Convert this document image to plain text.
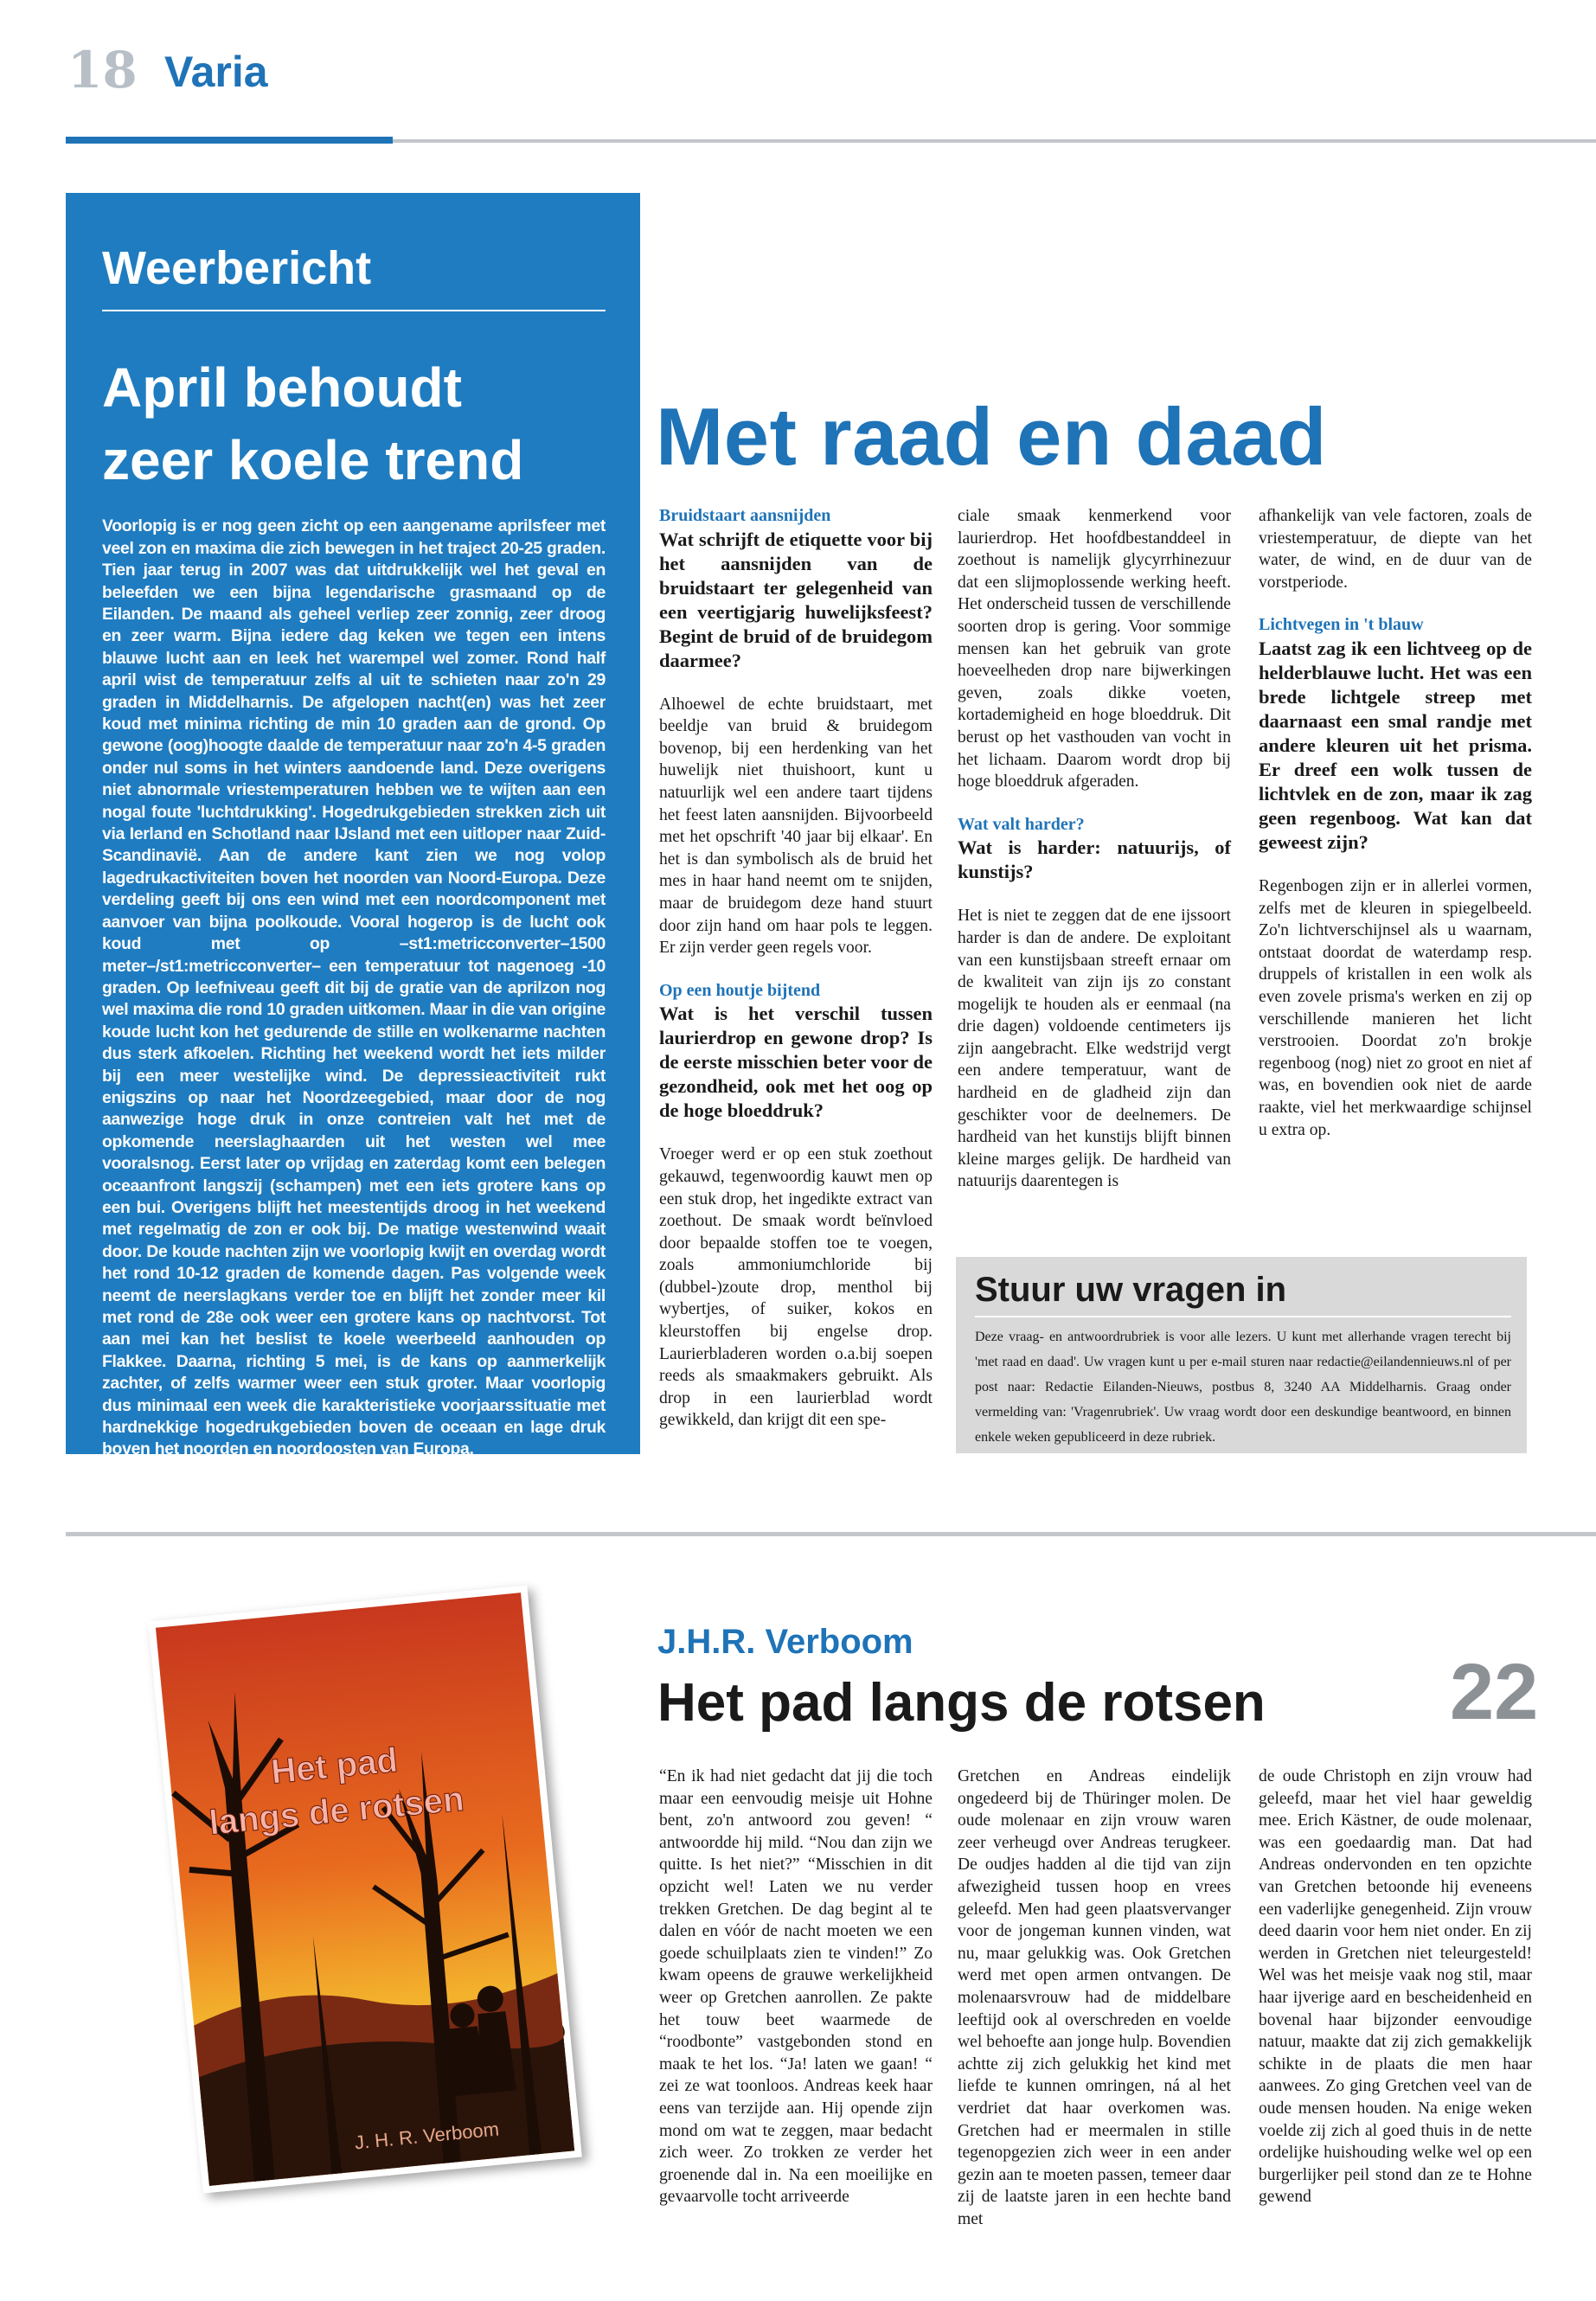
18 Varia
Weerbericht
April behoudt
zeer koele trend
Voorlopig is er nog geen zicht op een aangename aprilsfeer met veel zon en maxima die zich bewegen in het traject 20-25 graden. Tien jaar terug in 2007 was dat uitdrukkelijk wel het geval en beleefden we een bijna legendarische grasmaand op de Eilanden. De maand als geheel verliep zeer zonnig, zeer droog en zeer warm. Bijna iedere dag keken we tegen een intens blauwe lucht aan en leek het warempel wel zomer. Rond half april wist de temperatuur zelfs al uit te schieten naar zo'n 29 graden in Middelharnis. De afgelopen nacht(en) was het zeer koud met minima richting de min 10 graden aan de grond. Op gewone (oog)hoogte daalde de temperatuur naar zo'n 4-5 graden onder nul soms in het winters aandoende land. Deze overigens niet abnormale vriestemperaturen hebben we te wijten aan een nogal foute 'luchtdrukking'. Hogedrukgebieden strekken zich uit via Ierland en Schotland naar IJsland met een uitloper naar Zuid-Scandinavië. Aan de andere kant zien we nog volop lagedrukactiviteiten boven het noorden van Noord-Europa. Deze verdeling geeft bij ons een wind met een noordcomponent met aanvoer van bijna poolkoude. Vooral hogerop is de lucht ook koud met op –st1:metricconverter–1500 meter–/st1:metricconverter– een temperatuur tot nagenoeg -10 graden. Op leefniveau geeft dit bij de gratie van de aprilzon nog wel maxima die rond 10 graden uitkomen. Maar in die van origine koude lucht kon het gedurende de stille en wolkenarme nachten dus sterk afkoelen. Richting het weekend wordt het iets milder bij een meer westelijke wind. De depressieactiviteit rukt enigszins op naar het Noordzeegebied, maar door de nog aanwezige hoge druk in onze contreien valt het met de opkomende neerslaghaarden uit het westen wel mee vooralsnog. Eerst later op vrijdag en zaterdag komt een belegen oceaanfront langszij (schampen) met een iets grotere kans op een bui. Overigens blijft het meestentijds droog in het weekend met regelmatig de zon er ook bij. De matige westenwind waait door. De koude nachten zijn we voorlopig kwijt en overdag wordt het rond 10-12 graden de komende dagen. Pas volgende week neemt de neerslagkans verder toe en blijft het zonder meer kil met rond de 28e ook weer een grotere kans op nachtvorst. Tot aan mei kan het beslist te koele weerbeeld aanhouden op Flakkee. Daarna, richting 5 mei, is de kans op aanmerkelijk zachter, of zelfs warmer weer een stuk groter. Maar voorlopig dus minimaal een week die karakteristieke voorjaarssituatie met hardnekkige hogedrukgebieden boven de oceaan en lage druk boven het noorden en noordoosten van Europa.
Door weerman Marc Putto
Met raad en daad
Bruidstaart aansnijden
Wat schrijft de etiquette voor bij het aansnijden van de bruidstaart ter gelegenheid van een veertigjarig huwelijksfeest? Begint de bruid of de bruidegom daarmee?

Alhoewel de echte bruidstaart, met beeldje van bruid & bruidegom bovenop, bij een herdenking van het huwelijk niet thuishoort, kunt u natuurlijk wel een andere taart tijdens het feest laten aansnijden. Bijvoorbeeld met het opschrift '40 jaar bij elkaar'. En het is dan symbolisch als de bruid het mes in haar hand neemt om te snijden, maar de bruidegom deze hand stuurt door zijn hand om haar pols te leggen. Er zijn verder geen regels voor.

Op een houtje bijtend
Wat is het verschil tussen laurierdrop en gewone drop? Is de eerste misschien beter voor de gezondheid, ook met het oog op de hoge bloeddruk?

Vroeger werd er op een stuk zoethout gekauwd, tegenwoordig kauwt men op een stuk drop, het ingedikte extract van zoethout. De smaak wordt beïnvloed door bepaalde stoffen toe te voegen, zoals ammoniumchloride bij (dubbel-)zoute drop, menthol bij wybertjes, of suiker, kokos en kleurstoffen bij engelse drop. Laurierbladeren worden o.a.bij soepen reeds als smaakmakers gebruikt. Als drop in een laurierblad wordt gewikkeld, dan krijgt dit een spe-

ciale smaak kenmerkend voor laurierdrop. Het hoofdbestanddeel in zoethout is namelijk glycyrrhinezuur dat een slijmoplossende werking heeft. Het onderscheid tussen de verschillende soorten drop is gering. Voor sommige mensen kan het gebruik van grote hoeveelheden drop nare bijwerkingen geven, zoals dikke voeten, kortademigheid en hoge bloeddruk. Dit berust op het vasthouden van vocht in het lichaam. Daarom wordt drop bij hoge bloeddruk afgeraden.

Wat valt harder?
Wat is harder: natuurijs, of kunstijs?

Het is niet te zeggen dat de ene ijssoort harder is dan de andere. De exploitant van een kunstijsbaan streeft ernaar om de kwaliteit van zijn ijs zo constant mogelijk te houden als er eenmaal (na drie dagen) voldoende centimeters ijs zijn aangebracht. Elke wedstrijd vergt een andere temperatuur, want de hardheid en de gladheid zijn dan geschikter voor de deelnemers. De hardheid van het kunstijs blijft binnen kleine marges gelijk. De hardheid van natuurijs daarentegen is

afhankelijk van vele factoren, zoals de vriestemperatuur, de diepte van het water, de wind, en de duur van de vorstperiode.

Lichtvegen in 't blauw
Laatst zag ik een lichtveeg op de helderblauwe lucht. Het was een brede lichtgele streep met daarnaast een smal randje met andere kleuren uit het prisma. Er dreef een wolk tussen de lichtvlek en de zon, maar ik zag geen regenboog. Wat kan dat geweest zijn?

Regenbogen zijn er in allerlei vormen, zelfs met de kleuren in spiegelbeeld. Zo'n lichtverschijnsel als u waarnam, ontstaat doordat de waterdamp resp. druppels of kristallen in een wolk als even zovele prisma's werken en zij op verschillende manieren het licht verstrooien. Doordat zo'n brokje regenboog (nog) niet zo groot en niet af was, en bovendien ook niet de aarde raakte, viel het merkwaardige schijnsel u extra op.

Stuur uw vragen in
Deze vraag- en antwoordrubriek is voor alle lezers. U kunt met allerhande vragen terecht bij 'met raad en daad'. Uw vragen kunt u per e-mail sturen naar redactie@eilandennieuws.nl of per post naar: Redactie Eilanden-Nieuws, postbus 8, 3240 AA Middelharnis. Graag onder vermelding van: 'Vragenrubriek'. Uw vraag wordt door een deskundige beantwoord, en binnen enkele weken gepubliceerd in deze rubriek.
Het pad
langs de rotsen
J. H. R. Verboom
J.H.R. Verboom
Het pad langs de rotsen 22

“En ik had niet gedacht dat jij die toch maar een eenvoudig meisje uit Hohne bent, zo'n antwoord zou geven! “ antwoordde hij mild. “Nou dan zijn we quitte. Is het niet?” “Misschien in dit opzicht wel! Laten we nu verder trekken Gretchen. De dag begint al te dalen en vóór de nacht moeten we een goede schuilplaats zien te vinden!” Zo kwam opeens de grauwe werkelijkheid weer op Gretchen aanrollen. Ze pakte het touw beet waarmede de “roodbonte” vastgebonden stond en maak te het los. “Ja! laten we gaan! “ zei ze wat toonloos. Andreas keek haar eens van terzijde aan. Hij opende zijn mond om wat te zeggen, maar bedacht zich weer. Zo trokken ze verder het groenende dal in. Na een moeilijke en gevaarvolle tocht arriveerde

Gretchen en Andreas eindelijk ongedeerd bij de Thüringer molen. De oude molenaar en zijn vrouw waren zeer verheugd over Andreas terugkeer. De oudjes hadden al die tijd van zijn afwezigheid tussen hoop en vrees geleefd. Men had geen plaatsvervanger voor de jongeman kunnen vinden, wat nu, maar gelukkig was. Ook Gretchen werd met open armen ontvangen. De molenaarsvrouw had de middelbare leeftijd ook al overschreden en voelde wel behoefte aan jonge hulp. Bovendien achtte zij zich gelukkig het kind met liefde te kunnen omringen, ná al het verdriet dat haar overkomen was. Gretchen had er meermalen in stille tegenopgezien zich weer in een ander gezin aan te moeten passen, temeer daar zij de laatste jaren in een hechte band met

de oude Christoph en zijn vrouw had geleefd, maar het viel haar geweldig mee. Erich Kästner, de oude molenaar, was een goedaardig man. Dat had Andreas ondervonden en ten opzichte van Gretchen betoonde hij eveneens een vaderlijke genegenheid. Zijn vrouw deed daarin voor hem niet onder. En zij werden in Gretchen niet teleurgesteld! Wel was het meisje vaak nog stil, maar haar ijverige aard en bescheidenheid en bovenal haar bijzonder eenvoudige natuur, maakte dat zij zich gemakkelijk schikte in de plaats die men haar aanwees. Zo ging Gretchen veel van de oude mensen houden. Na enige weken voelde zij zich al goed thuis in de nette ordelijke huishouding welke wel op een burgerlijker peil stond dan ze te Hohne gewend
